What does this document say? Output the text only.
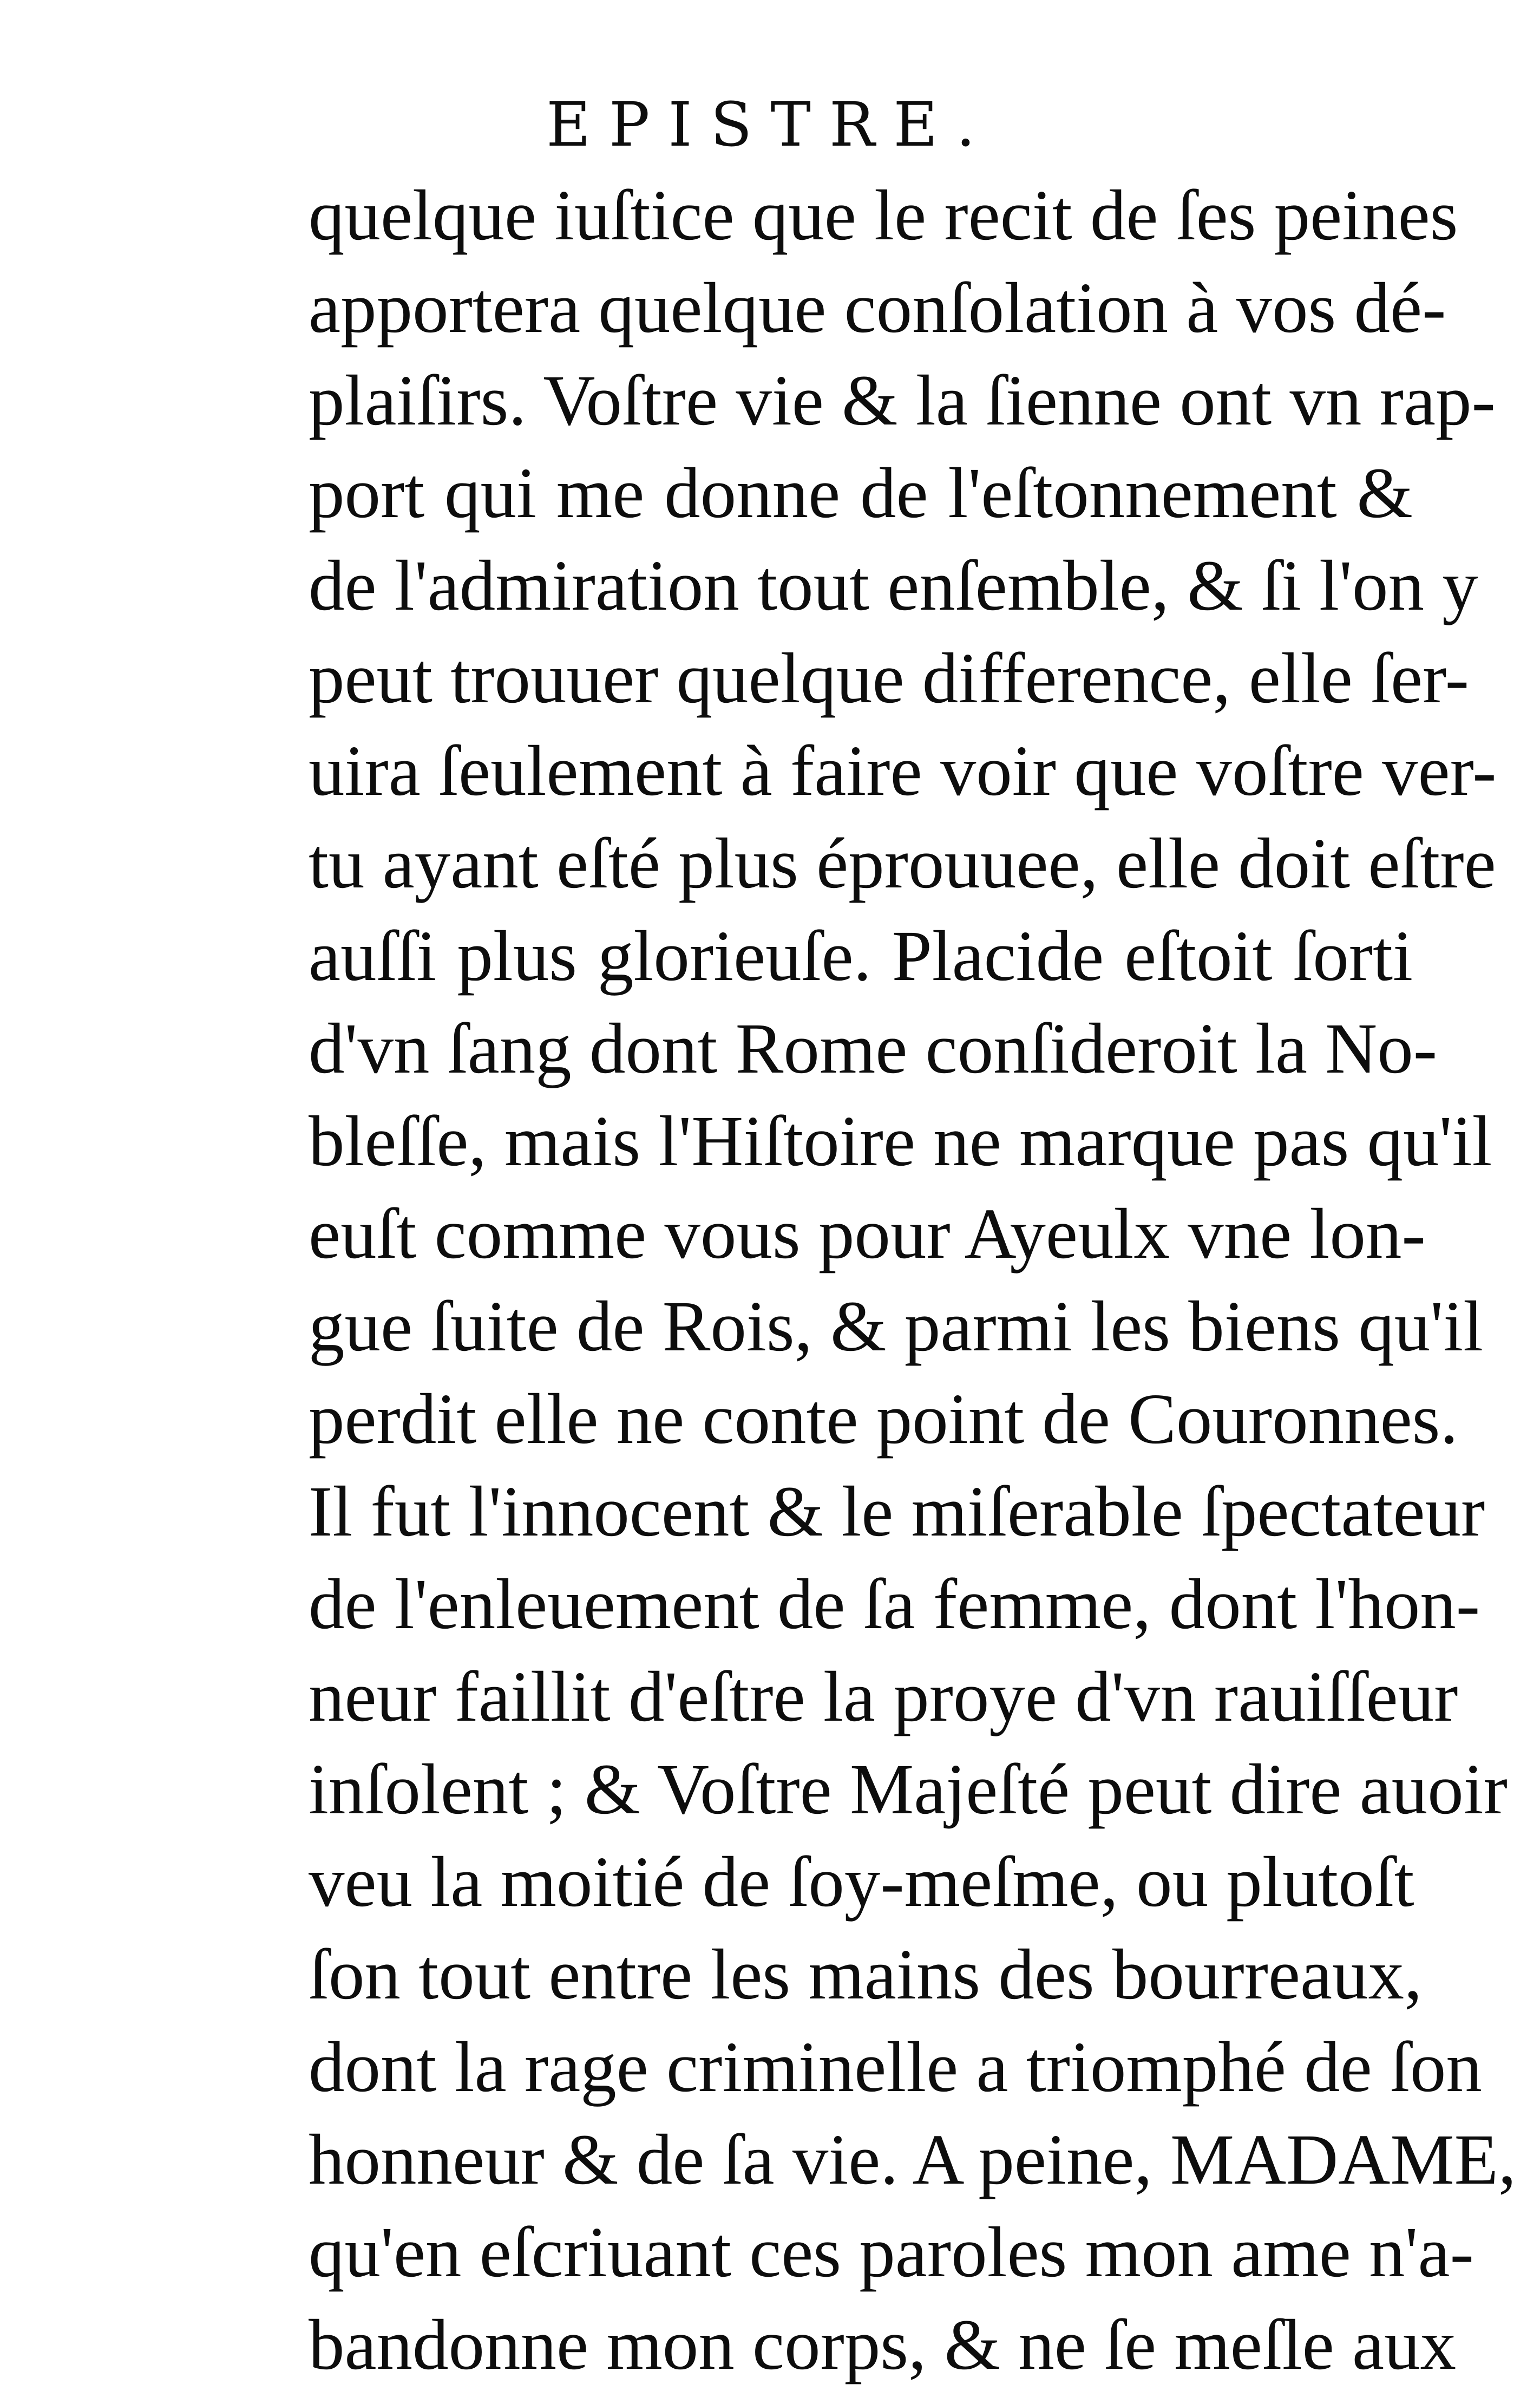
EPISTRE.
quelque iuſtice que le recit de ſes peines
apportera quelque conſolation à vos dé-
plaiſirs. Voſtre vie & la ſienne ont vn rap-
port qui me donne de l'eſtonnement &
de l'admiration tout enſemble, & ſi l'on y
peut trouuer quelque difference, elle ſer-
uira ſeulement à faire voir que voſtre ver-
tu ayant eſté plus éprouuee, elle doit eſtre
auſſi plus glorieuſe. Placide eſtoit ſorti
d'vn ſang dont Rome conſideroit la No-
bleſſe, mais l'Hiſtoire ne marque pas qu'il
euſt comme vous pour Ayeulx vne lon-
gue ſuite de Rois, & parmi les biens qu'il
perdit elle ne conte point de Couronnes.
Il fut l'innocent & le miſerable ſpectateur
de l'enleuement de ſa femme, dont l'hon-
neur faillit d'eſtre la proye d'vn rauiſſeur
inſolent ; & Voſtre Majeſté peut dire auoir
veu la moitié de ſoy-meſme, ou plutoſt
ſon tout entre les mains des bourreaux,
dont la rage criminelle a triomphé de ſon
honneur & de ſa vie. A peine, MADAME,
qu'en eſcriuant ces paroles mon ame n'a-
bandonne mon corps, & ne ſe meſle aux
